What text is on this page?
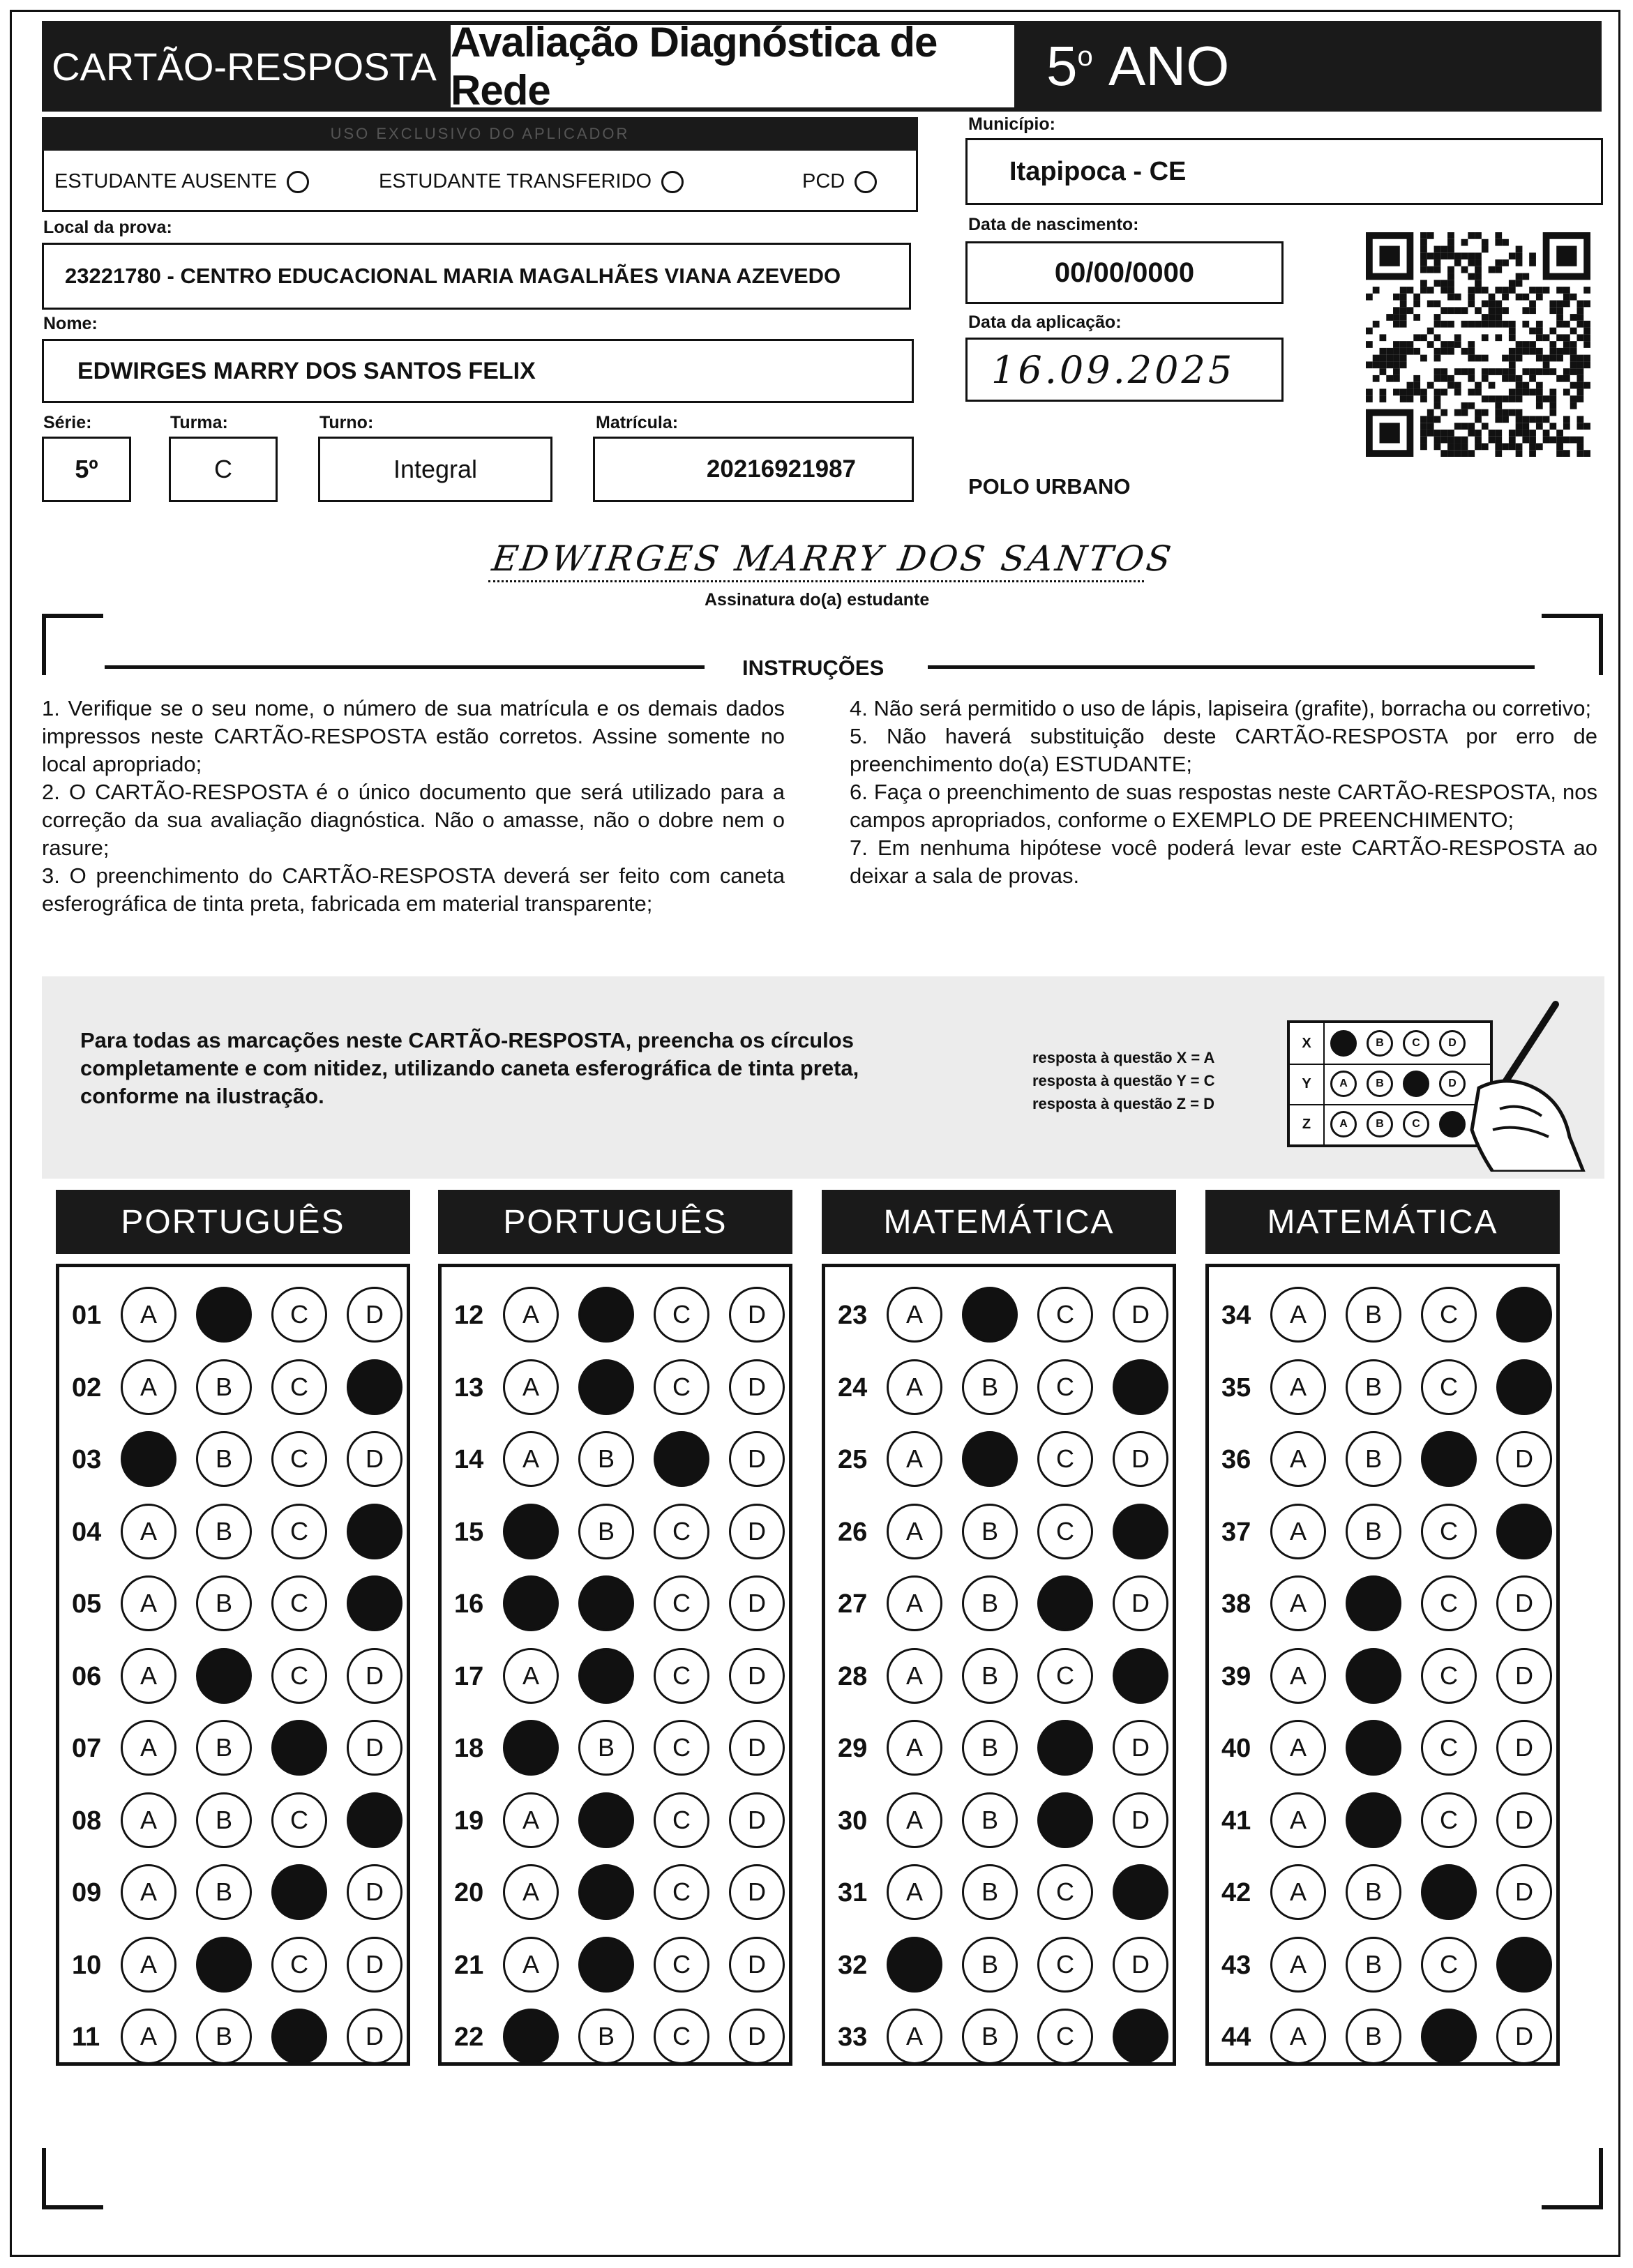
CARTÃO-RESPOSTA
Avaliação Diagnóstica de Rede	5$^o$
ANO
USO EXCLUSIVO DO APLICADOR
ESTUDANTE AUSENTE	ESTUDANTE TRANSFERIDO	PCD
Local da prova:
23221780 - CENTRO EDUCACIONAL MARIA MAGALHÃES VIANA AZEVEDO
Nome:
EDWIRGES MARRY DOS SANTOS FELIX
Série:
5º
Turma:
C
Turno:
Integral
Matrícula:
20216921987
Município:
Itapipoca - CE
Data de nascimento:
00/00/0000
Data da aplicação:
16.09.2025
POLO URBANO
EDWIRGES MARRY DOS SANTOS
Assinatura do(a) estudante
INSTRUÇÕES
1. Verifique se o seu nome, o número de sua matrícula e os demais dados impressos neste CARTÃO-RESPOSTA estão corretos. Assine somente no local apropriado;
2. O CARTÃO-RESPOSTA é o único documento que será utilizado para a correção da sua avaliação diagnóstica. Não o amasse, não o dobre nem o rasure;
3. O preenchimento do CARTÃO-RESPOSTA deverá ser feito com caneta esferográfica de tinta preta, fabricada em material transparente;
4. Não será permitido o uso de lápis, lapiseira (grafite), borracha ou corretivo;
5. Não haverá substituição deste CARTÃO-RESPOSTA por erro de preenchimento do(a) ESTUDANTE;
6. Faça o preenchimento de suas respostas neste CARTÃO-RESPOSTA, nos campos apropriados, conforme o EXEMPLO DE PREENCHIMENTO;
7. Em nenhuma hipótese você poderá levar este CARTÃO-RESPOSTA ao deixar a sala de provas.
Para todas as marcações neste CARTÃO-RESPOSTA, preencha os círculos completamente e com nitidez, utilizando caneta esferográfica de tinta preta, conforme na ilustração.
resposta à questão X = A
resposta à questão Y = C
resposta à questão Z = D
X	B	C	D
Y	A	B	D
Z	A	B	C
PORTUGUÊS
01	A	C	D
02	A	B	C
03	B	C	D
04	A	B	C
05	A	B	C
06	A	C	D
07	A	B	D
08	A	B	C
09	A	B	D
10	A	C	D
11	A	B	D
PORTUGUÊS
12	A	C	D
13	A	C	D
14	A	B	D
15	B	C	D
16	C	D
17	A	C	D
18	B	C	D
19	A	C	D
20	A	C	D
21	A	C	D
22	B	C	D
MATEMÁTICA
23	A	C	D
24	A	B	C
25	A	C	D
26	A	B	C
27	A	B	D
28	A	B	C
29	A	B	D
30	A	B	D
31	A	B	C
32	B	C	D
33	A	B	C
MATEMÁTICA
34	A	B	C
35	A	B	C
36	A	B	D
37	A	B	C
38	A	C	D
39	A	C	D
40	A	C	D
41	A	C	D
42	A	B	D
43	A	B	C
44	A	B	D
